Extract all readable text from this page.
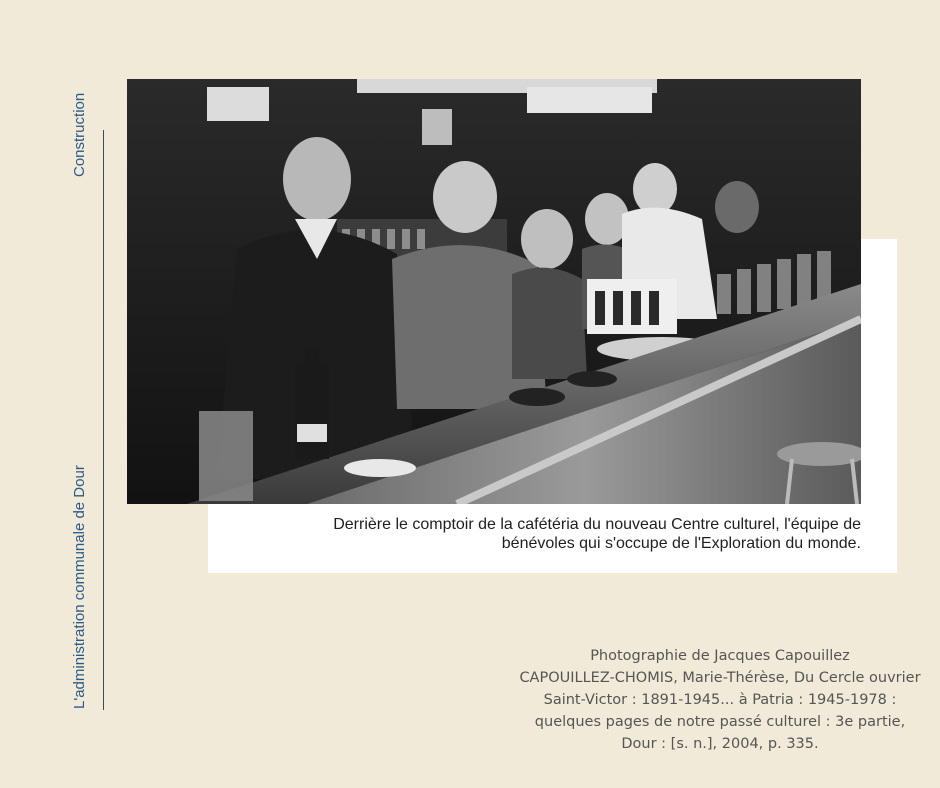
Construction
L'administration communale de Dour	Derrière le comptoir de la cafétéria du nouveau Centre culturel, l'équipe de
bénévoles qui s'occupe de l'Exploration du monde.
Photographie de Jacques Capouillez
CAPOUILLEZ-CHOMIS, Marie-Thérèse, Du Cercle ouvrier
Saint-Victor : 1891-1945... à Patria : 1945-1978 :
quelques pages de notre passé culturel : 3e partie,
Dour : [s. n.], 2004, p. 335.
